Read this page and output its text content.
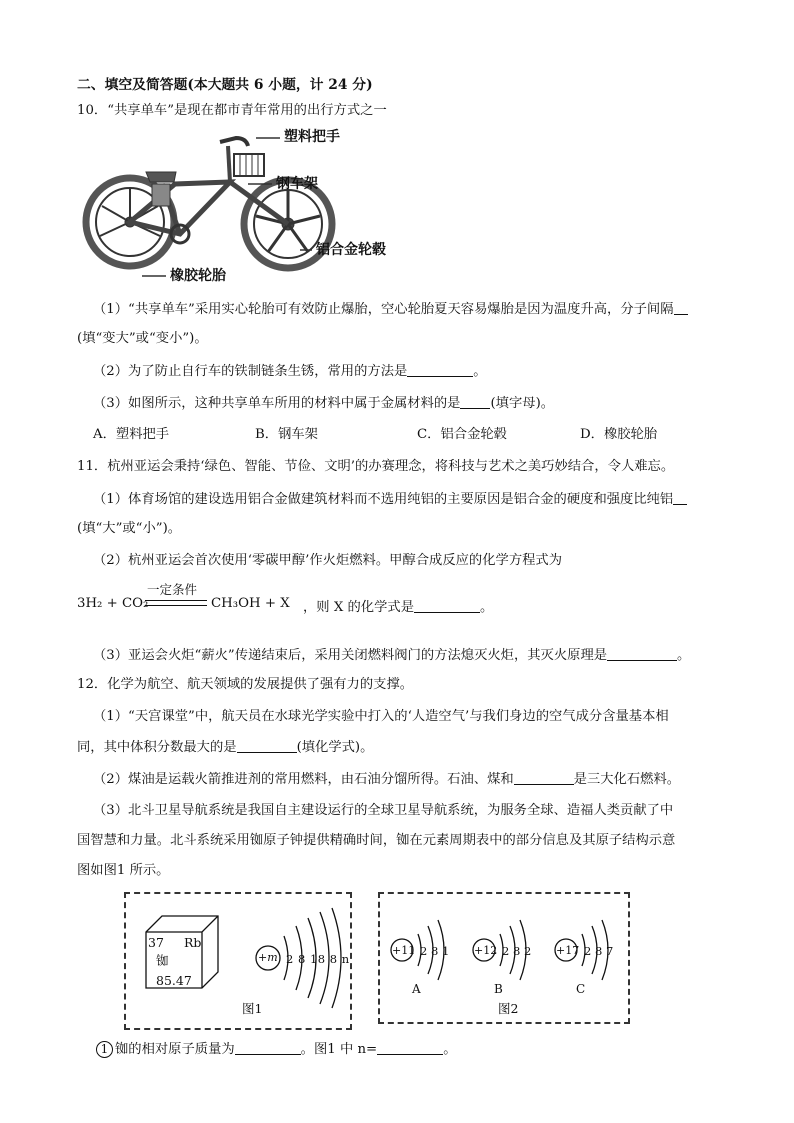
二、填空及简答题(本大题共 6 小题，计 24 分)
10．“共享单车”是现在都市青年常用的出行方式之一
塑料把手
钢车架
铝合金轮毂
橡胶轮胎
（1）“共享单车”采用实心轮胎可有效防止爆胎，空心轮胎夏天容易爆胎是因为温度升高，分子间隔
(填“变大”或“变小”)。
（2）为了防止自行车的铁制链条生锈，常用的方法是	。
（3）如图所示，这种共享单车所用的材料中属于金属材料的是 (填字母)。
A．塑料把手	B．钢车架	C．铝合金轮毂	D．橡胶轮胎
11．杭州亚运会秉持‘绿色、智能、节俭、文明’的办赛理念，将科技与艺术之美巧妙结合，令人难忘。
（1）体育场馆的建设选用铝合金做建筑材料而不选用纯铝的主要原因是铝合金的硬度和强度比纯铝
(填“大”或“小”)。
（2）杭州亚运会首次使用‘零碳甲醇’作火炬燃料。甲醇合成反应的化学方程式为
3H₂ + CO₂
一定条件
CH₃OH + X ，则 X 的化学式是	。
（3）亚运会火炬“薪火”传递结束后，采用关闭燃料阀门的方法熄灭火炬，其灭火原理是	。
12．化学为航空、航天领域的发展提供了强有力的支撑。
（1）“天宫课堂”中，航天员在水球光学实验中打入的‘人造空气’与我们身边的空气成分含量基本相
同，其中体积分数最大的是	(填化学式)。
（2）煤油是运载火箭推进剂的常用燃料，由石油分馏所得。石油、煤和	是三大化石燃料。
（3）北斗卫星导航系统是我国自主建设运行的全球卫星导航系统，为服务全球、造福人类贡献了中
国智慧和力量。北斗系统采用铷原子钟提供精确时间，铷在元素周期表中的部分信息及其原子结构示意
图如图1 所示。
37 Rb
铷
85.47
+m 2 8 18 8 n
图1
+11 2 8 1
A
+12 2 8 2
B
+17 2 8 7
C
图2
1 铷的相对原子质量为	。图1 中 n=	。
